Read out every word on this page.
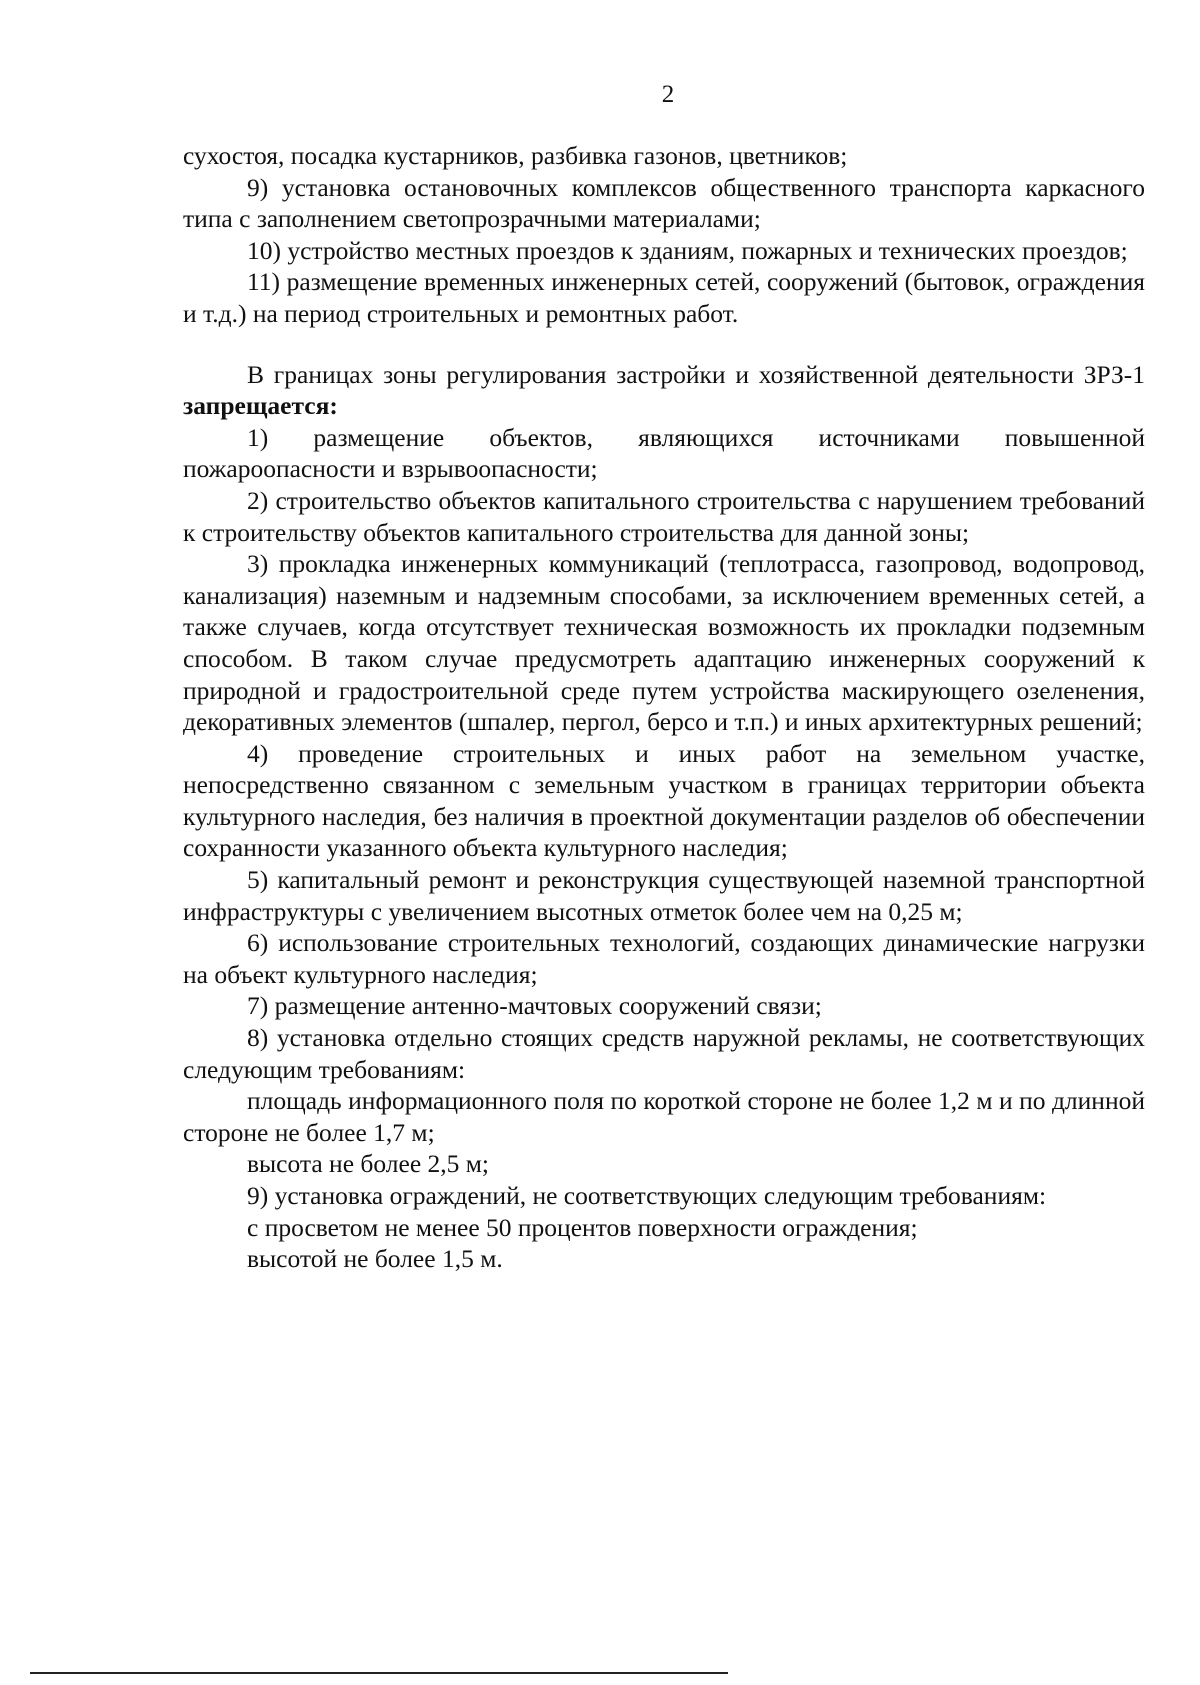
2

сухостоя, посадка кустарников, разбивка газонов, цветников;

9) установка остановочных комплексов общественного транспорта каркасного типа с заполнением светопрозрачными материалами;

10) устройство местных проездов к зданиям, пожарных и технических проездов;

11) размещение временных инженерных сетей, сооружений (бытовок, ограждения и т.д.) на период строительных и ремонтных работ.

В границах зоны регулирования застройки и хозяйственной деятельности ЗРЗ-1 запрещается:

1) размещение объектов, являющихся источниками повышенной пожароопасности и взрывоопасности;

2) строительство объектов капитального строительства с нарушением требований к строительству объектов капитального строительства для данной зоны;

3) прокладка инженерных коммуникаций (теплотрасса, газопровод, водопровод, канализация) наземным и надземным способами, за исключением временных сетей, а также случаев, когда отсутствует техническая возможность их прокладки подземным способом. В таком случае предусмотреть адаптацию инженерных сооружений к природной и градостроительной среде путем устройства маскирующего озеленения, декоративных элементов (шпалер, пергол, берсо и т.п.) и иных архитектурных решений;

4) проведение строительных и иных работ на земельном участке, непосредственно связанном с земельным участком в границах территории объекта культурного наследия, без наличия в проектной документации разделов об обеспечении сохранности указанного объекта культурного наследия;

5) капитальный ремонт и реконструкция существующей наземной транспортной инфраструктуры с увеличением высотных отметок более чем на 0,25 м;

6) использование строительных технологий, создающих динамические нагрузки на объект культурного наследия;

7) размещение антенно-мачтовых сооружений связи;

8) установка отдельно стоящих средств наружной рекламы, не соответствующих следующим требованиям:

площадь информационного поля по короткой стороне не более 1,2 м и по длинной стороне не более 1,7 м;

высота не более 2,5 м;

9) установка ограждений, не соответствующих следующим требованиям:

с просветом не менее 50 процентов поверхности ограждения;

высотой не более 1,5 м.
